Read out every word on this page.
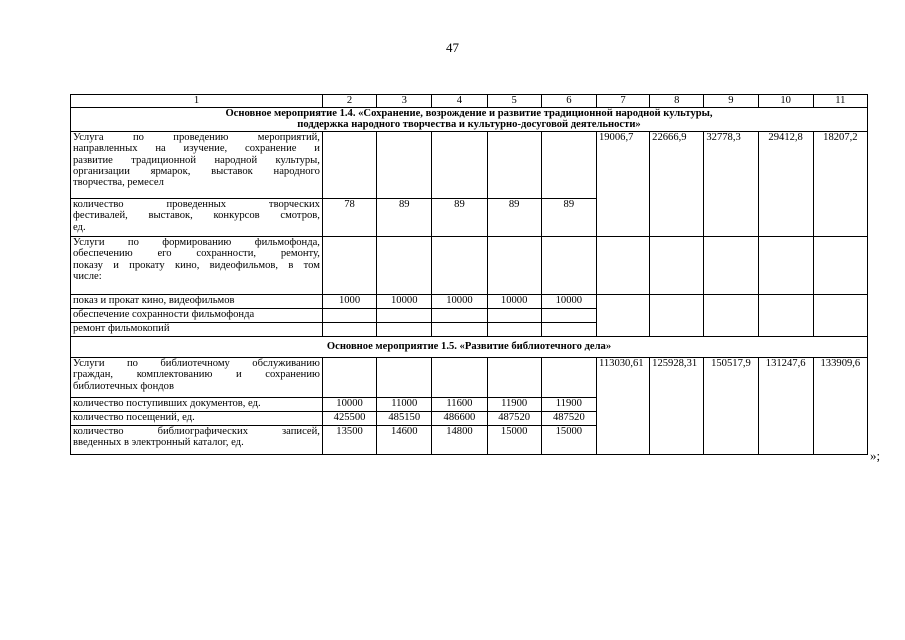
47
1	2	3	4	5	6	7	8	9	10	11
Основное мероприятие 1.4. «Сохранение, возрождение и развитие традиционной народной культуры,
поддержка народного творчества и культурно-досуговой деятельности»										
Услуга по проведению мероприятий,
направленных на изучение, сохранение и
развитие традиционной народной культуры,
организации ярмарок, выставок народного
творчества, ремесел						19006,7	22666,9	32778,3	29412,8	18207,2
количество проведенных творческих
фестивалей, выставок, конкурсов смотров,
ед.	78	89	89	89	89					
Услуги по формированию фильмофонда,
обеспечению его сохранности, ремонту,
показу и прокату кино, видеофильмов, в том
числе:										

показ и прокат кино, видеофильмов	1000	10000	10000	10000	10000					
обеспечение сохранности фильмофонда										
ремонт фильмокопий										
Основное мероприятие 1.5. «Развитие библиотечного дела»										
Услуги по библиотечному обслуживанию
граждан, комплектованию и сохранению
библиотечных фондов						113030,61	125928,31	150517,9	131247,6	133909,6
количество поступивших документов, ед.	10000	11000	11600	11900	11900					
количество посещений, ед.	425500	485150	486600	487520	487520					
количество библиографических записей,
введенных в электронный каталог, ед.	13500	14600	14800	15000	15000					
»;
